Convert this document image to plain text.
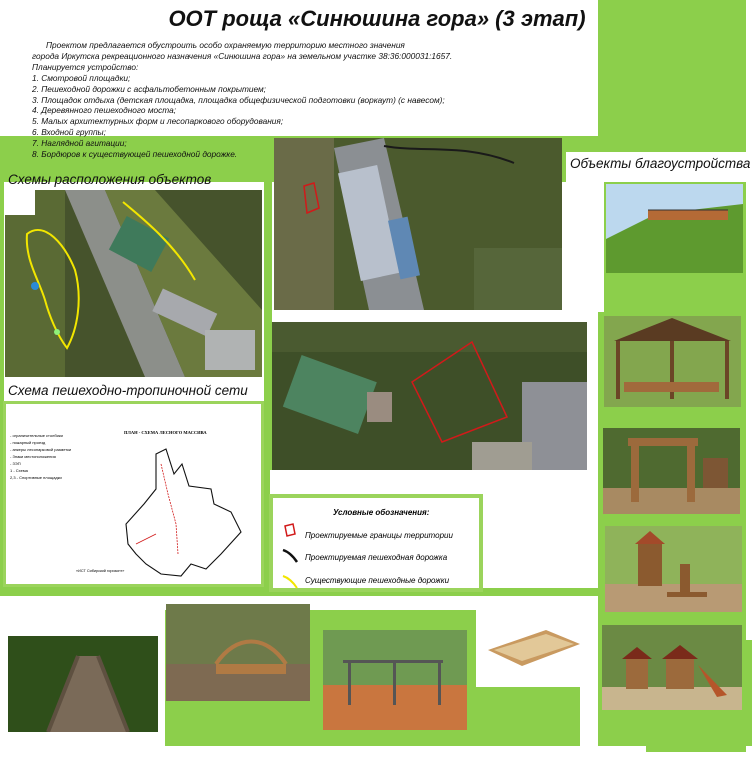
ООТ роща «Синюшина гора» (3 этап)
Проектом предлагается обустроить особо охраняемую территорию местного значения
города Иркутска рекреационного назначения «Синюшина гора» на земельном участке 38:36:000031:1657.
Планируется устройство:
1. Смотровой площадки;
2. Пешеходной дорожки с асфальтобетонным покрытием;
3. Площадок отдыха (детская площадка, площадка общефизической подготовки (воркаут) (с навесом);
4. Деревянного пешеходного моста;
5. Малых архитектурных форм и лесопаркового оборудования;
6. Входной группы;
7. Наглядной агитации;
8. Бордюров к существующей пешеходной дорожке.
Схемы расположения объектов
Объекты благоустройства
Схема пешеходно-тропиночной сети
ПЛАН - СХЕМА ЛЕСНОГО МАССИВА
- ограничительные столбики
- пожарный проезд
- анкеры лесопарковой разметки
- Знаки местоположения
- ЗЭП
1 - Схема
2,3 - Спортивные площадки
«ИСТ Сибирский горизонт»
Условные обозначения:
Проектируемые границы территории
Проектируемая пешеходная дорожка
Существующие пешеходные дорожки
